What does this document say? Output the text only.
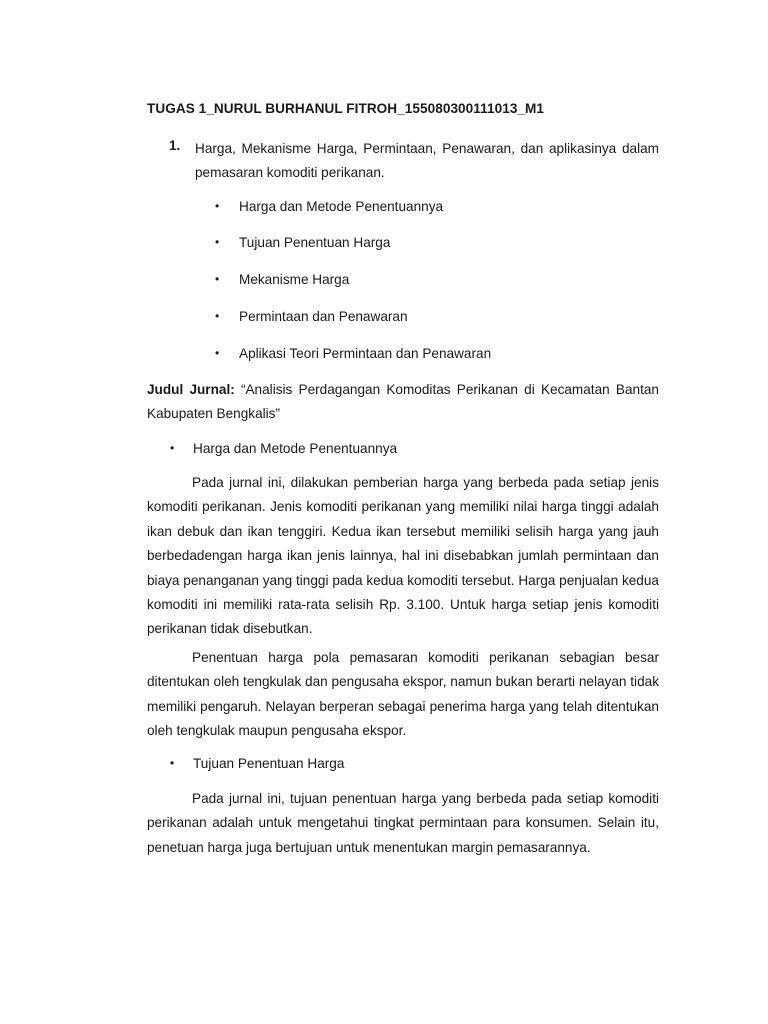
TUGAS 1_NURUL BURHANUL FITROH_155080300111013_M1
1. Harga, Mekanisme Harga, Permintaan, Penawaran, dan aplikasinya dalam pemasaran komoditi perikanan.
• Harga dan Metode Penentuannya
• Tujuan Penentuan Harga
• Mekanisme Harga
• Permintaan dan Penawaran
• Aplikasi Teori Permintaan dan Penawaran
Judul Jurnal: “Analisis Perdagangan Komoditas Perikanan di Kecamatan Bantan Kabupaten Bengkalis”
• Harga dan Metode Penentuannya
Pada jurnal ini, dilakukan pemberian harga yang berbeda pada setiap jenis komoditi perikanan. Jenis komoditi perikanan yang memiliki nilai harga tinggi adalah ikan debuk dan ikan tenggiri. Kedua ikan tersebut memiliki selisih harga yang jauh berbedadengan harga ikan jenis lainnya, hal ini disebabkan jumlah permintaan dan biaya penanganan yang tinggi pada kedua komoditi tersebut. Harga penjualan kedua komoditi ini memiliki rata-rata selisih Rp. 3.100. Untuk harga setiap jenis komoditi perikanan tidak disebutkan.
Penentuan harga pola pemasaran komoditi perikanan sebagian besar ditentukan oleh tengkulak dan pengusaha ekspor, namun bukan berarti nelayan tidak memiliki pengaruh. Nelayan berperan sebagai penerima harga yang telah ditentukan oleh tengkulak maupun pengusaha ekspor.
• Tujuan Penentuan Harga
Pada jurnal ini, tujuan penentuan harga yang berbeda pada setiap komoditi perikanan adalah untuk mengetahui tingkat permintaan para konsumen. Selain itu, penetuan harga juga bertujuan untuk menentukan margin pemasarannya.
